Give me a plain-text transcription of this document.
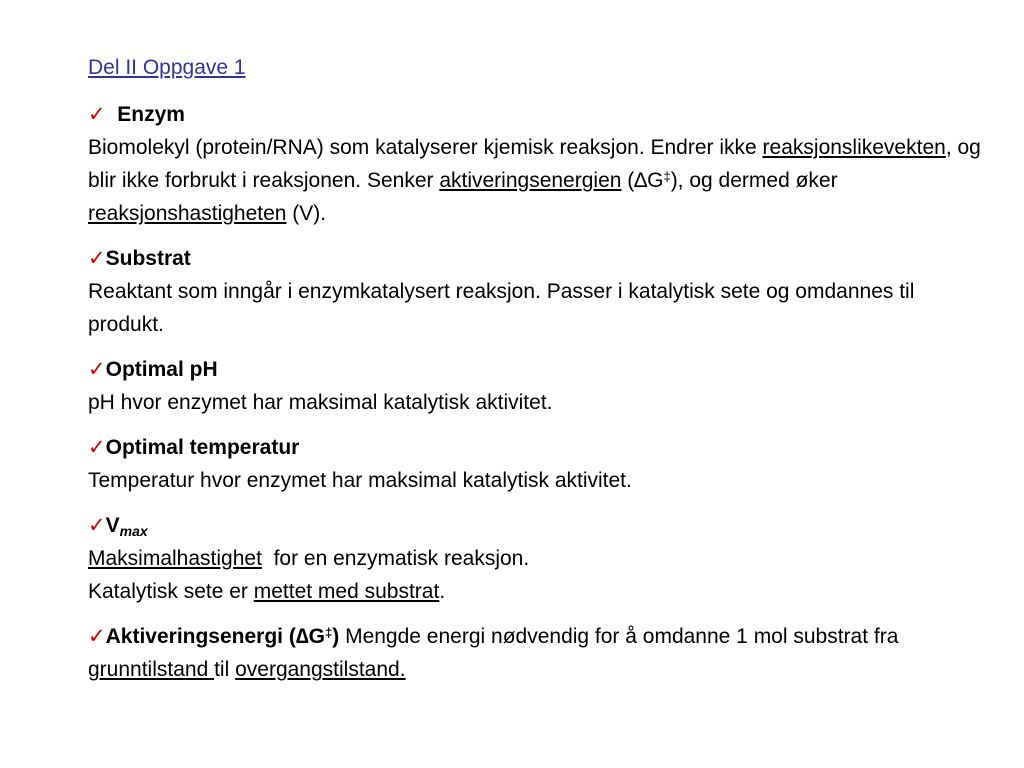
Del II Oppgave 1

✓ Enzym

Biomolekyl (protein/RNA) som katalyserer kjemisk reaksjon. Endrer ikke reaksjonslikevekten, og blir ikke forbrukt i reaksjonen. Senker aktiveringsenergien (∆G‡), og dermed øker reaksjonshastigheten (V).

✓Substrat

Reaktant som inngår i enzymkatalysert reaksjon. Passer i katalytisk sete og omdannes til produkt.

✓Optimal pH

pH hvor enzymet har maksimal katalytisk aktivitet.

✓Optimal temperatur

Temperatur hvor enzymet har maksimal katalytisk aktivitet.

$✓V_{max}$

Maksimalhastighet  for en enzymatisk reaksjon.

Katalytisk sete er mettet med substrat.

✓Aktiveringsenergi (∆G‡) Mengde energi nødvendig for å omdanne 1 mol substrat fra grunntilstand til overgangstilstand.
